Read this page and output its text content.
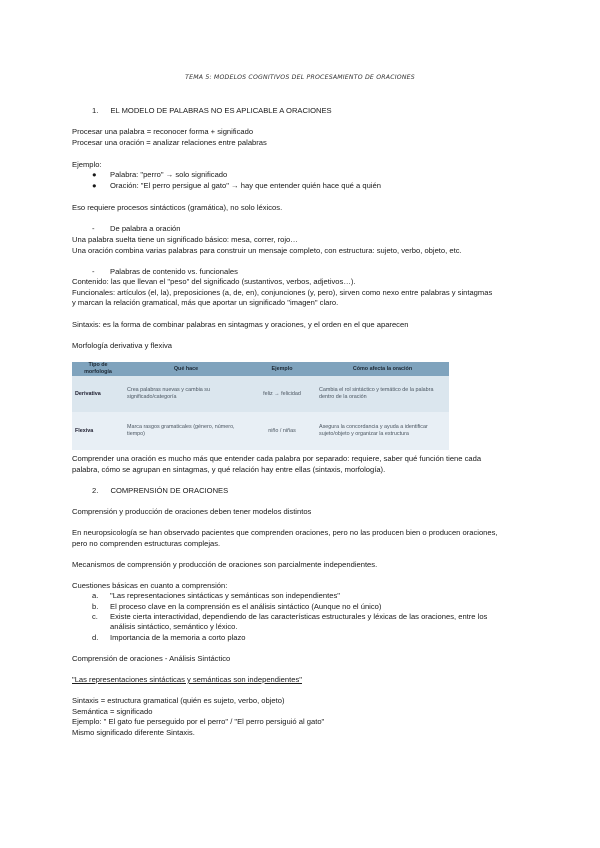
TEMA 5: MODELOS COGNITIVOS DEL PROCESAMIENTO DE ORACIONES
1. EL MODELO DE PALABRAS NO ES APLICABLE A ORACIONES
Procesar una palabra = reconocer forma + significado
Procesar una oración = analizar relaciones entre palabras
Ejemplo:
● Palabra: "perro" → solo significado
● Oración: "El perro persigue al gato" → hay que entender quién hace qué a quién
Eso requiere procesos sintácticos (gramática), no solo léxicos.
- De palabra a oración
Una palabra suelta tiene un significado básico: mesa, correr, rojo…
Una oración combina varias palabras para construir un mensaje completo, con estructura: sujeto, verbo, objeto, etc.
- Palabras de contenido vs. funcionales
Contenido: las que llevan el "peso" del significado (sustantivos, verbos, adjetivos…).
Funcionales: artículos (el, la), preposiciones (a, de, en), conjunciones (y, pero), sirven como nexo entre palabras y sintagmas
y marcan la relación gramatical, más que aportar un significado "imagen" claro.
Sintaxis: es la forma de combinar palabras en sintagmas y oraciones, y el orden en el que aparecen
Morfología derivativa y flexiva
Tipo de morfología	Qué hace	Ejemplo	Cómo afecta la oración
Derivativa	Crea palabras nuevas y cambia su significado/categoría	feliz → felicidad	Cambia el rol sintáctico y temático de la palabra dentro de la oración
Flexiva	Marca rasgos gramaticales (género, número, tiempo)	niño / niñas	Asegura la concordancia y ayuda a identificar sujeto/objeto y organizar la estructura
Comprender una oración es mucho más que entender cada palabra por separado: requiere, saber qué función tiene cada
palabra, cómo se agrupan en sintagmas, y qué relación hay entre ellas (sintaxis, morfología).
2. COMPRENSIÓN DE ORACIONES
Comprensión y producción de oraciones deben tener modelos distintos
En neuropsicología se han observado pacientes que comprenden oraciones, pero no las producen bien o producen oraciones,
pero no comprenden estructuras complejas.
Mecanismos de comprensión y producción de oraciones son parcialmente independientes.
Cuestiones básicas en cuanto a comprensión:
a. "Las representaciones sintácticas y semánticas son independientes"
b. El proceso clave en la comprensión es el análisis sintáctico (Aunque no el único)
c. Existe cierta interactividad, dependiendo de las características estructurales y léxicas de las oraciones, entre los
análisis sintáctico, semántico y léxico.
d. Importancia de la memoria a corto plazo
Comprensión de oraciones - Análisis Sintáctico
"Las representaciones sintácticas y semánticas son independientes"
Sintaxis = estructura gramatical (quién es sujeto, verbo, objeto)
Semántica = significado
Ejemplo: " El gato fue perseguido por el perro" / "El perro persiguió al gato"
Mismo significado diferente Sintaxis.
